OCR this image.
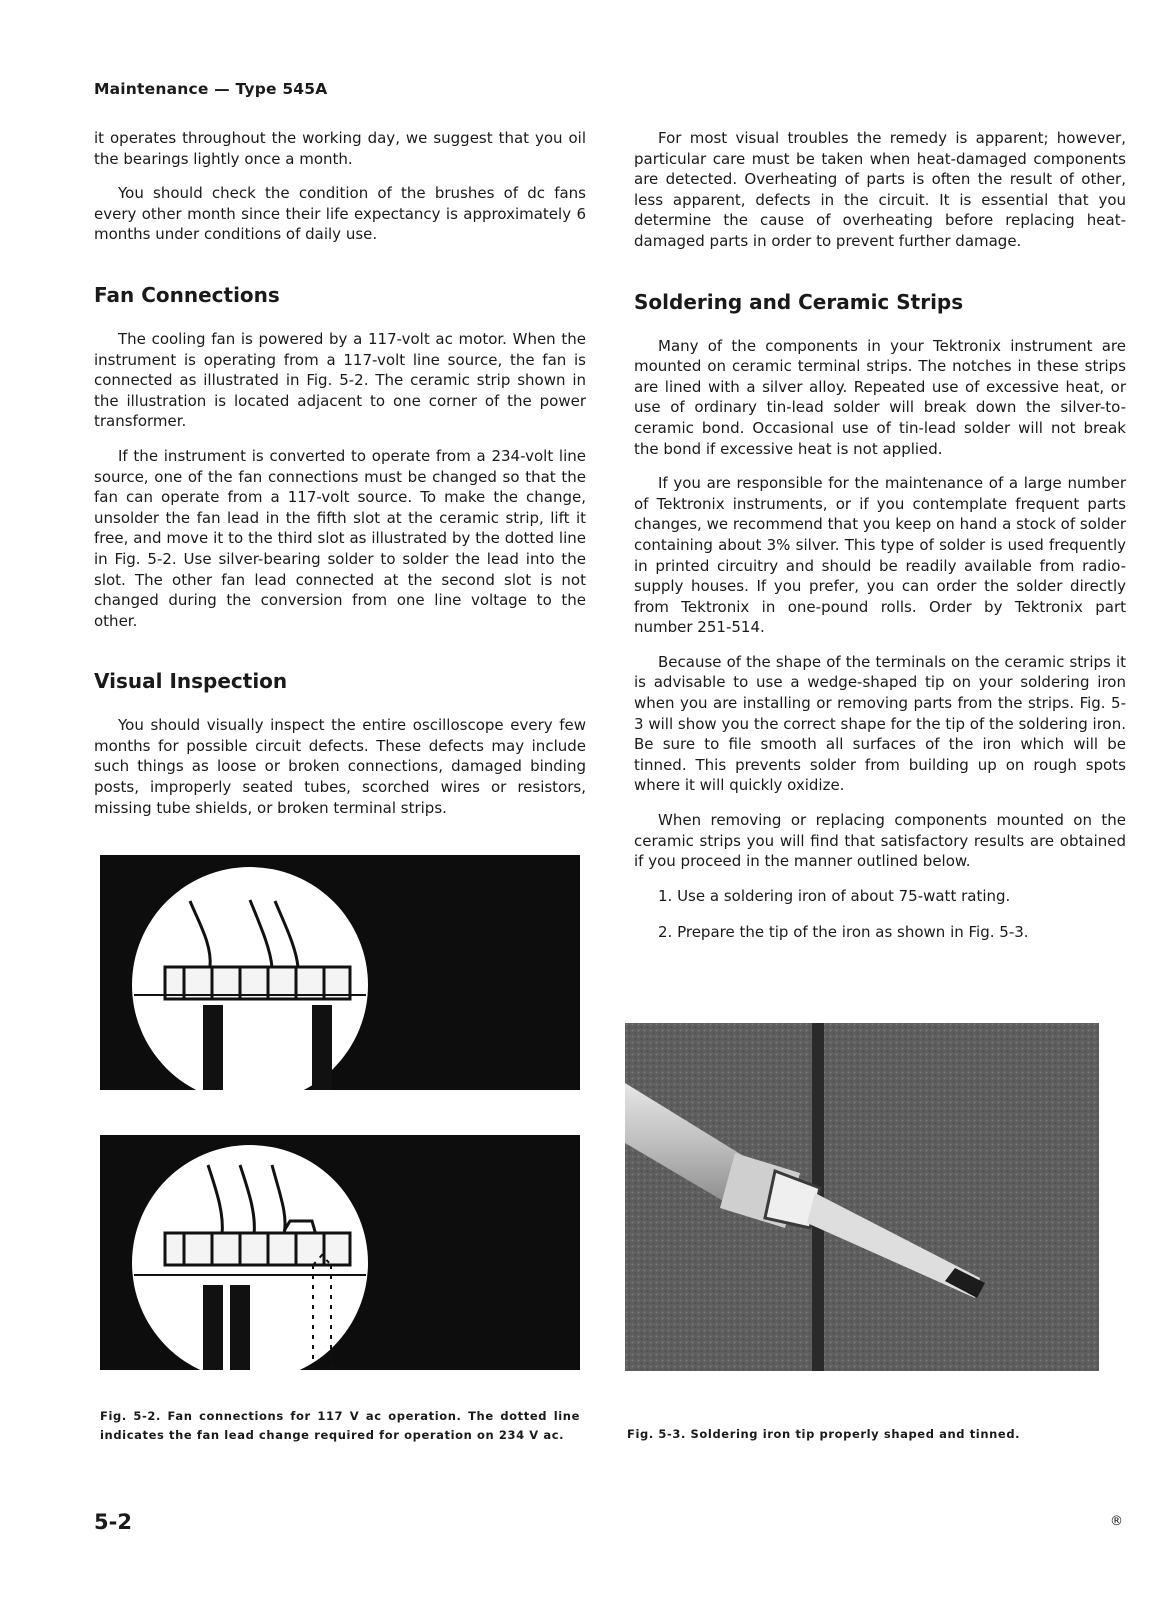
Maintenance — Type 545A

it operates throughout the working day, we suggest that you oil the bearings lightly once a month.

You should check the condition of the brushes of dc fans every other month since their life expectancy is approximately 6 months under conditions of daily use.

Fan Connections

The cooling fan is powered by a 117-volt ac motor. When the instrument is operating from a 117-volt line source, the fan is connected as illustrated in Fig. 5-2. The ceramic strip shown in the illustration is located adjacent to one corner of the power transformer.

If the instrument is converted to operate from a 234-volt line source, one of the fan connections must be changed so that the fan can operate from a 117-volt source. To make the change, unsolder the fan lead in the fifth slot at the ceramic strip, lift it free, and move it to the third slot as illustrated by the dotted line in Fig. 5-2. Use silver-bearing solder to solder the lead into the slot. The other fan lead connected at the second slot is not changed during the conversion from one line voltage to the other.

Visual Inspection

You should visually inspect the entire oscilloscope every few months for possible circuit defects. These defects may include such things as loose or broken connections, damaged binding posts, improperly seated tubes, scorched wires or resistors, missing tube shields, or broken terminal strips.

For most visual troubles the remedy is apparent; however, particular care must be taken when heat-damaged components are detected. Overheating of parts is often the result of other, less apparent, defects in the circuit. It is essential that you determine the cause of overheating before replacing heat-damaged parts in order to prevent further damage.

Soldering and Ceramic Strips

Many of the components in your Tektronix instrument are mounted on ceramic terminal strips. The notches in these strips are lined with a silver alloy. Repeated use of excessive heat, or use of ordinary tin-lead solder will break down the silver-to-ceramic bond. Occasional use of tin-lead solder will not break the bond if excessive heat is not applied.

If you are responsible for the maintenance of a large number of Tektronix instruments, or if you contemplate frequent parts changes, we recommend that you keep on hand a stock of solder containing about 3% silver. This type of solder is used frequently in printed circuitry and should be readily available from radio-supply houses. If you prefer, you can order the solder directly from Tektronix in one-pound rolls. Order by Tektronix part number 251-514.

Because of the shape of the terminals on the ceramic strips it is advisable to use a wedge-shaped tip on your soldering iron when you are installing or removing parts from the strips. Fig. 5-3 will show you the correct shape for the tip of the soldering iron. Be sure to file smooth all surfaces of the iron which will be tinned. This prevents solder from building up on rough spots where it will quickly oxidize.

When removing or replacing components mounted on the ceramic strips you will find that satisfactory results are obtained if you proceed in the manner outlined below.

1. Use a soldering iron of about 75-watt rating.
2. Prepare the tip of the iron as shown in Fig. 5-3.
Fig. 5-2. Fan connections for 117 V ac operation. The dotted line indicates the fan lead change required for operation on 234 V ac.	Fig. 5-3. Soldering iron tip properly shaped and tinned.
5-2	®
